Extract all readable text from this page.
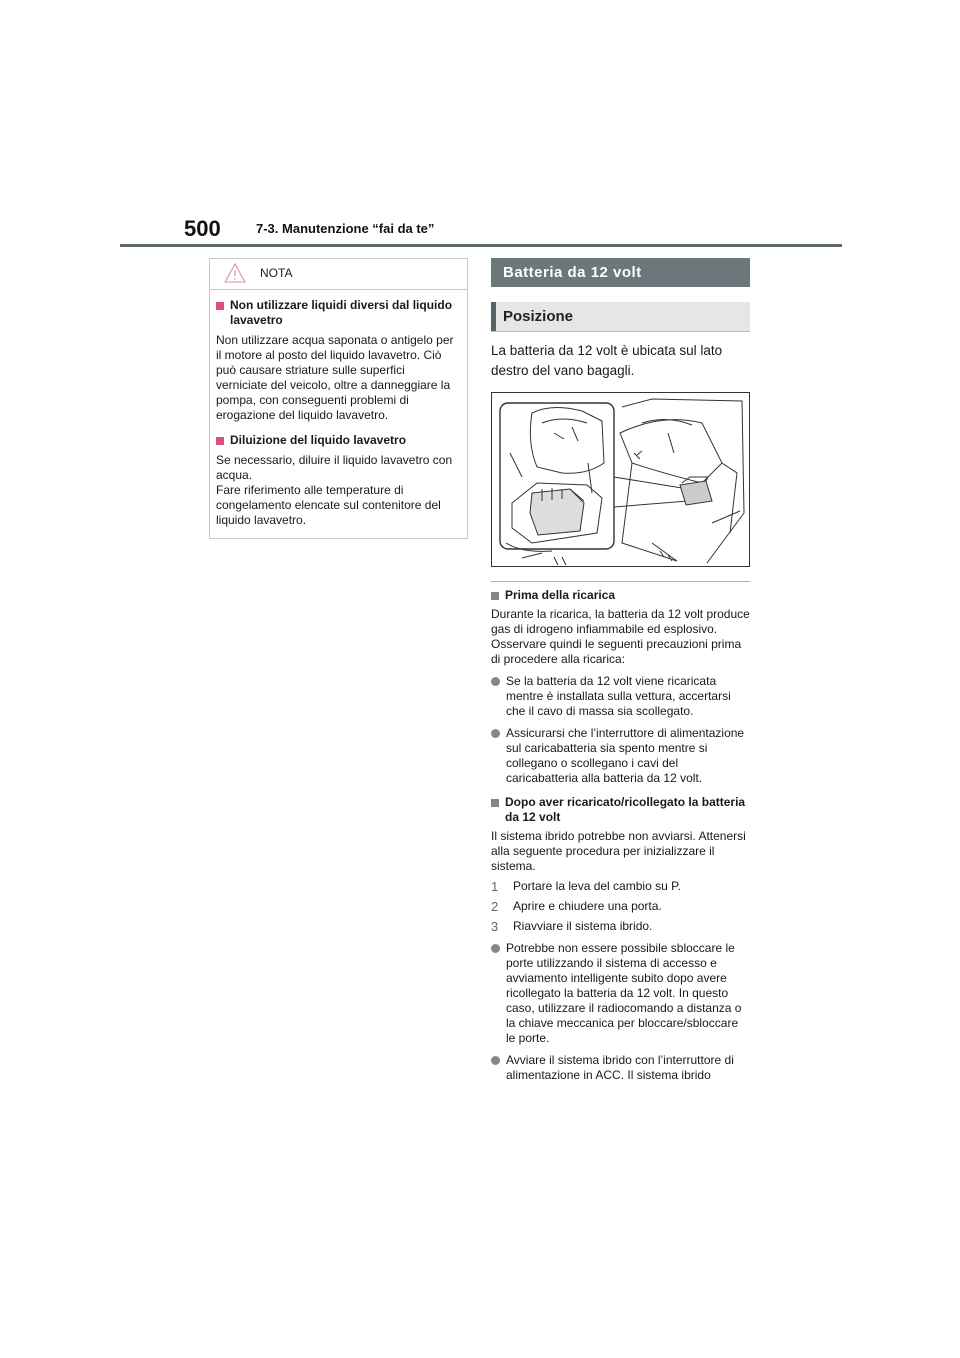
500	7-3. Manutenzione “fai da te”
NOTA
Non utilizzare liquidi diversi dal liquido lavavetro
Non utilizzare acqua saponata o antigelo per il motore al posto del liquido lavavetro. Ciò può causare striature sulle superfici verniciate del veicolo, oltre a danneggiare la pompa, con conseguenti problemi di erogazione del liquido lavavetro.
Diluizione del liquido lavavetro
Se necessario, diluire il liquido lavavetro con acqua.
Fare riferimento alle temperature di congelamento elencate sul contenitore del liquido lavavetro.
Batteria da 12 volt
Posizione
La batteria da 12 volt è ubicata sul lato destro del vano bagagli.
Prima della ricarica
Durante la ricarica, la batteria da 12 volt produce gas di idrogeno infiammabile ed esplosivo. Osservare quindi le seguenti precauzioni prima di procedere alla ricarica:
Se la batteria da 12 volt viene ricaricata mentre è installata sulla vettura, accertarsi che il cavo di massa sia scollegato.
Assicurarsi che l’interruttore di alimentazione sul caricabatteria sia spento mentre si collegano o scollegano i cavi del caricabatteria alla batteria da 12 volt.
Dopo aver ricaricato/ricollegato la batteria da 12 volt
Il sistema ibrido potrebbe non avviarsi. Attenersi alla seguente procedura per inizializzare il sistema.
1	Portare la leva del cambio su P.
2	Aprire e chiudere una porta.
3	Riavviare il sistema ibrido.
Potrebbe non essere possibile sbloccare le porte utilizzando il sistema di accesso e avviamento intelligente subito dopo avere ricollegato la batteria da 12 volt. In questo caso, utilizzare il radiocomando a distanza o la chiave meccanica per bloccare/sbloccare le porte.
Avviare il sistema ibrido con l’interruttore di alimentazione in ACC. Il sistema ibrido
